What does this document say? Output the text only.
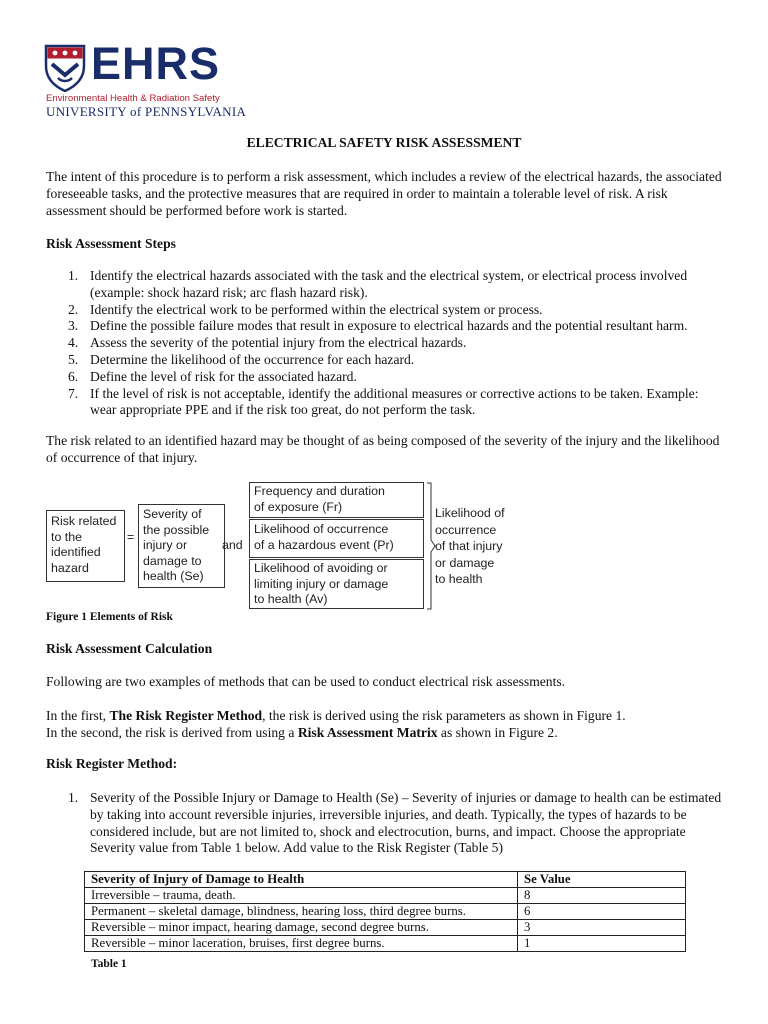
EHRS
Environmental Health & Radiation Safety
UNIVERSITY of PENNSYLVANIA
ELECTRICAL SAFETY RISK ASSESSMENT
The intent of this procedure is to perform a risk assessment, which includes a review of the electrical hazards, the associated foreseeable tasks, and the protective measures that are required in order to maintain a tolerable level of risk. A risk assessment should be performed before work is started.
Risk Assessment Steps
1. Identify the electrical hazards associated with the task and the electrical system, or electrical process involved (example: shock hazard risk; arc flash hazard risk).
2. Identify the electrical work to be performed within the electrical system or process.
3. Define the possible failure modes that result in exposure to electrical hazards and the potential resultant harm.
4. Assess the severity of the potential injury from the electrical hazards.
5. Determine the likelihood of the occurrence for each hazard.
6. Define the level of risk for the associated hazard.
7. If the level of risk is not acceptable, identify the additional measures or corrective actions to be taken. Example: wear appropriate PPE and if the risk too great, do not perform the task.
The risk related to an identified hazard may be thought of as being composed of the severity of the injury and the likelihood of occurrence of that injury.
Risk related
to the
identified
hazard
=
Severity of
the possible
injury or
damage to
health (Se)
and
Frequency and duration
of exposure (Fr)
Likelihood of occurrence
of a hazardous event (Pr)
Likelihood of avoiding or
limiting injury or damage
to health (Av)
Likelihood of
occurrence
of that injury
or damage
to health
Figure 1 Elements of Risk
Risk Assessment Calculation
Following are two examples of methods that can be used to conduct electrical risk assessments.
In the first, The Risk Register Method, the risk is derived using the risk parameters as shown in Figure 1.
In the second, the risk is derived from using a Risk Assessment Matrix as shown in Figure 2.
Risk Register Method:
1. Severity of the Possible Injury or Damage to Health (Se) – Severity of injuries or damage to health can be estimated by taking into account reversible injuries, irreversible injuries, and death. Typically, the types of hazards to be considered include, but are not limited to, shock and electrocution, burns, and impact. Choose the appropriate Severity value from Table 1 below. Add value to the Risk Register (Table 5)
Severity of Injury of Damage to Health	Se Value
Irreversible – trauma, death.	8
Permanent – skeletal damage, blindness, hearing loss, third degree burns.	6
Reversible – minor impact, hearing damage, second degree burns.	3
Reversible – minor laceration, bruises, first degree burns.	1
Table 1
